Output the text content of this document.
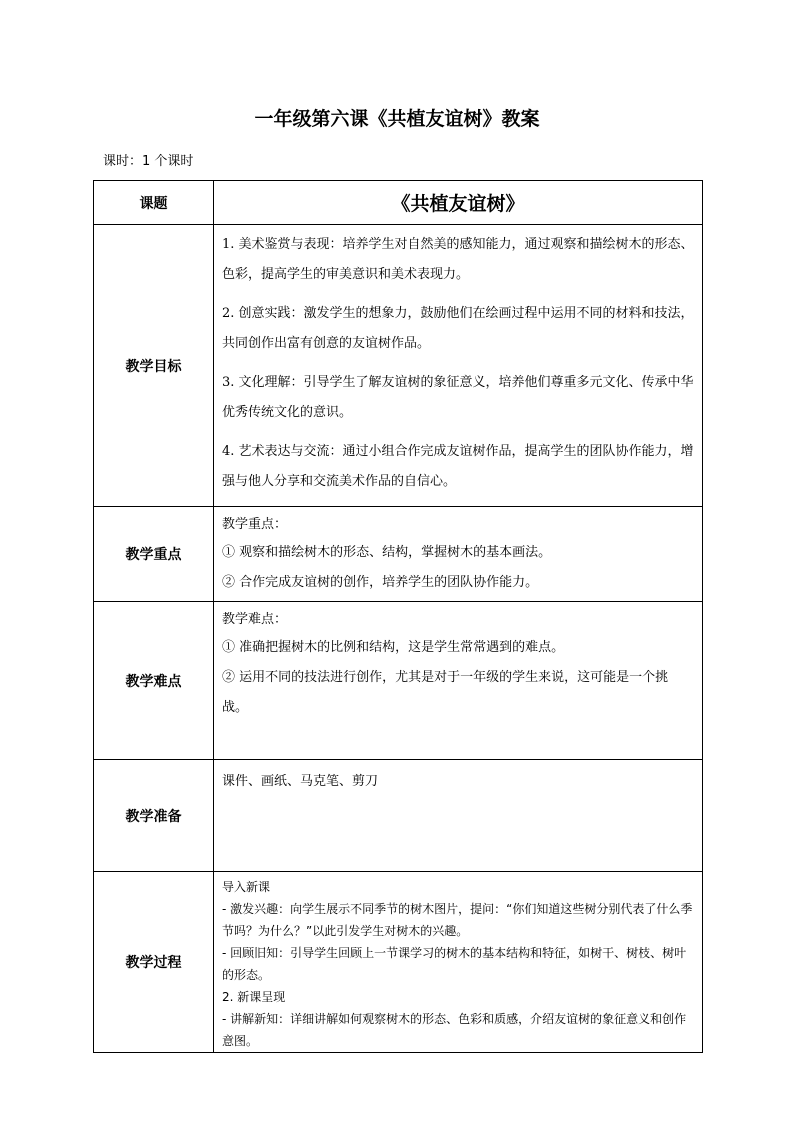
一年级第六课《共植友谊树》教案
课时：1 个课时
课题	《共植友谊树》
教学目标	1. 美术鉴赏与表现：培养学生对自然美的感知能力，通过观察和描绘树木的形态、色彩，提高学生的审美意识和美术表现力。

2. 创意实践：激发学生的想象力，鼓励他们在绘画过程中运用不同的材料和技法，共同创作出富有创意的友谊树作品。

3. 文化理解：引导学生了解友谊树的象征意义，培养他们尊重多元文化、传承中华优秀传统文化的意识。

4. 艺术表达与交流：通过小组合作完成友谊树作品，提高学生的团队协作能力，增强与他人分享和交流美术作品的自信心。

教学重点	教学重点：

① 观察和描绘树木的形态、结构，掌握树木的基本画法。

② 合作完成友谊树的创作，培养学生的团队协作能力。

教学难点	教学难点：

① 准确把握树木的比例和结构，这是学生常常遇到的难点。

② 运用不同的技法进行创作，尤其是对于一年级的学生来说，这可能是一个挑战。

教学准备	课件、画纸、马克笔、剪刀

教学过程	导入新课

- 激发兴趣：向学生展示不同季节的树木图片，提问：“你们知道这些树分别代表了什么季节吗？为什么？”以此引发学生对树木的兴趣。

- 回顾旧知：引导学生回顾上一节课学习的树木的基本结构和特征，如树干、树枝、树叶的形态。

2. 新课呈现

- 讲解新知：详细讲解如何观察树木的形态、色彩和质感，介绍友谊树的象征意义和创作意图。
